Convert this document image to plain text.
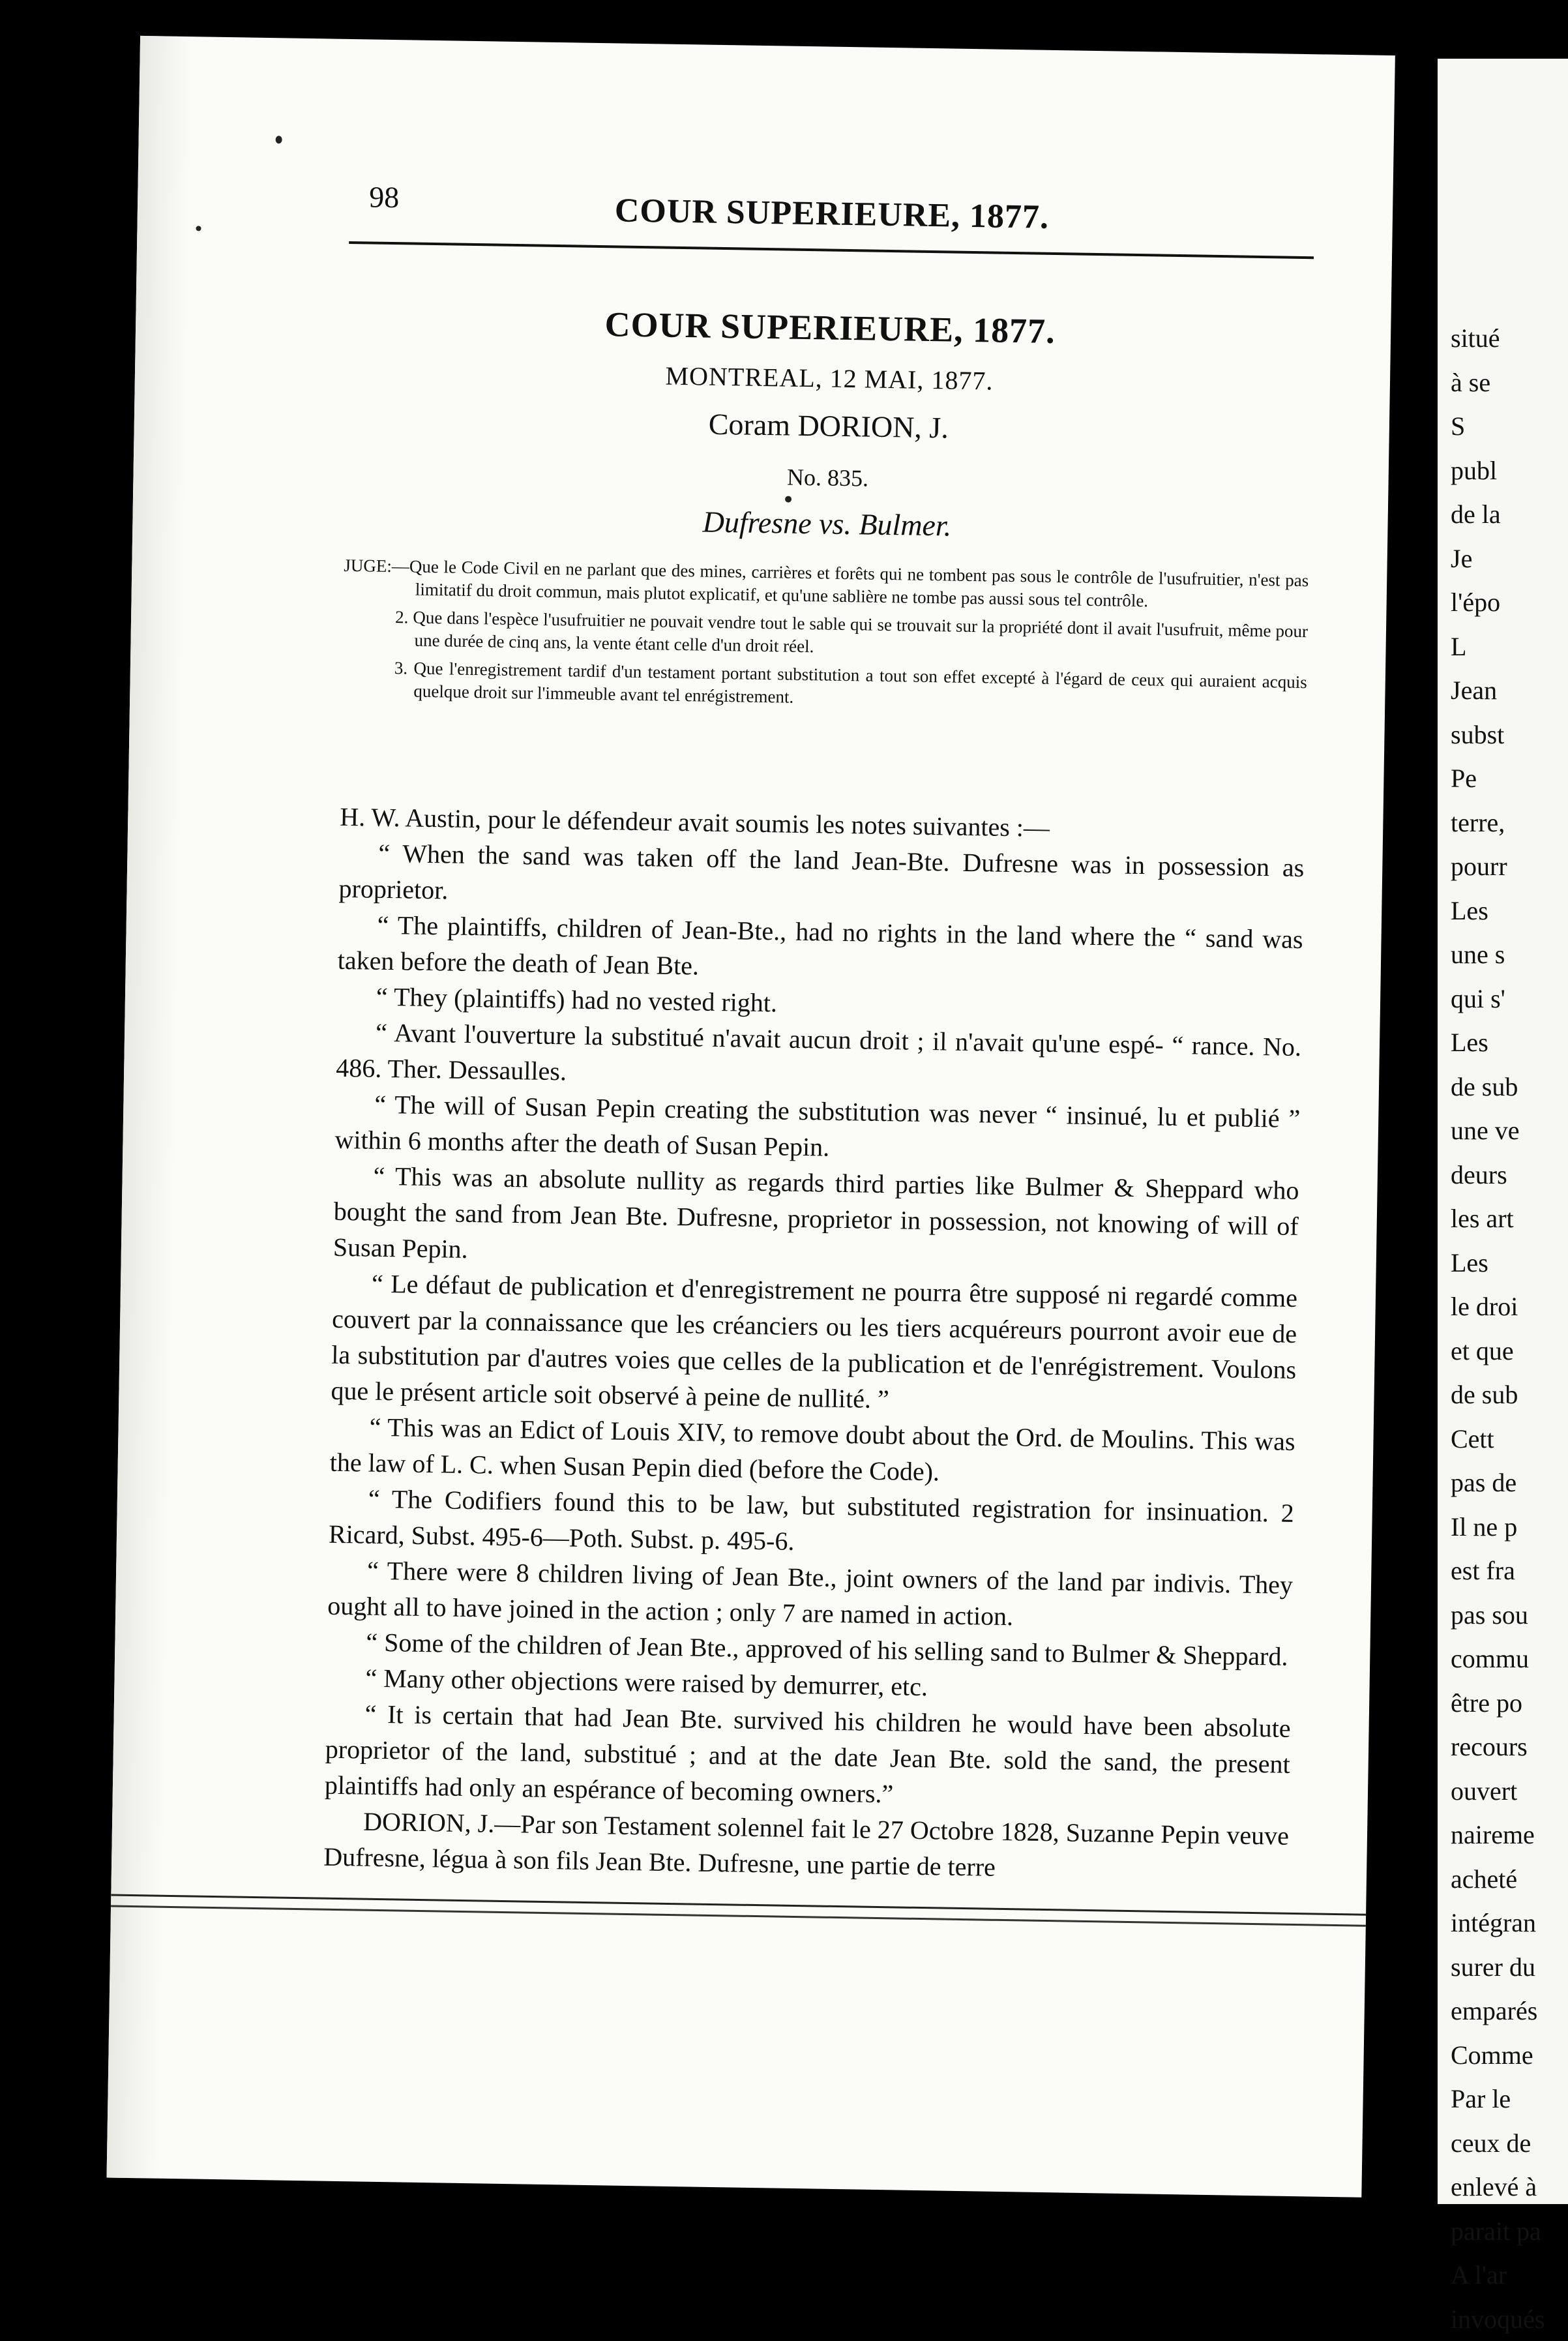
98	COUR SUPERIEURE, 1877.
COUR SUPERIEURE, 1877.
MONTREAL, 12 MAI, 1877.
Coram DORION, J.
No. 835.
Dufresne vs. Bulmer.

JUGE:—Que le Code Civil en ne parlant que des mines, carrières et forêts qui ne tombent pas sous le contrôle de l'usufruitier, n'est pas limitatif du droit commun, mais plutot explicatif, et qu'une sablière ne tombe pas aussi sous tel contrôle.

2. Que dans l'espèce l'usufruitier ne pouvait vendre tout le sable qui se trouvait sur la propriété dont il avait l'usufruit, même pour une durée de cinq ans, la vente étant celle d'un droit réel.

3. Que l'enregistrement tardif d'un testament portant substitution a tout son effet excepté à l'égard de ceux qui auraient acquis quelque droit sur l'immeuble avant tel enrégistrement.

H. W. Austin, pour le défendeur avait soumis les notes suivantes :—

“ When the sand was taken off the land Jean-Bte. Dufresne was in possession as proprietor.

“ The plaintiffs, children of Jean-Bte., had no rights in the land where the “ sand was taken before the death of Jean Bte.

“ They (plaintiffs) had no vested right.

“ Avant l'ouverture la substitué n'avait aucun droit ; il n'avait qu'une espé- “ rance. No. 486. Ther. Dessaulles.

“ The will of Susan Pepin creating the substitution was never “ insinué, lu et publié ” within 6 months after the death of Susan Pepin.

“ This was an absolute nullity as regards third parties like Bulmer & Sheppard who bought the sand from Jean Bte. Dufresne, proprietor in possession, not knowing of will of Susan Pepin.

“ Le défaut de publication et d'enregistrement ne pourra être supposé ni regardé comme couvert par la connaissance que les créanciers ou les tiers acquéreurs pourront avoir eue de la substitution par d'autres voies que celles de la publication et de l'enrégistrement. Voulons que le présent article soit observé à peine de nullité. ”

“ This was an Edict of Louis XIV, to remove doubt about the Ord. de Moulins. This was the law of L. C. when Susan Pepin died (before the Code).

“ The Codifiers found this to be law, but substituted registration for insinuation. 2 Ricard, Subst. 495-6—Poth. Subst. p. 495-6.

“ There were 8 children living of Jean Bte., joint owners of the land par indivis. They ought all to have joined in the action ; only 7 are named in action.

“ Some of the children of Jean Bte., approved of his selling sand to Bulmer & Sheppard.

“ Many other objections were raised by demurrer, etc.

“ It is certain that had Jean Bte. survived his children he would have been absolute proprietor of the land, substitué ; and at the date Jean Bte. sold the sand, the present plaintiffs had only an espérance of becoming owners.”

DORION, J.—Par son Testament solennel fait le 27 Octobre 1828, Suzanne Pepin veuve Dufresne, légua à son fils Jean Bte. Dufresne, une partie de terre

situé
à se
S
publ
de la
Je
l'épo
L
Jean
subst
Pe
terre,
pourr
Les
une s
qui s'
Les
de sub
une ve
deurs
les art
Les
le droi
et que
de sub
Cett
pas de
Il ne p
est fra
pas sou
commu
être po
recours
ouvert
naireme
acheté
intégran
surer du
emparés
Comme
Par le
ceux de
enlevé à
parait pa
A l'ar
invoqués
